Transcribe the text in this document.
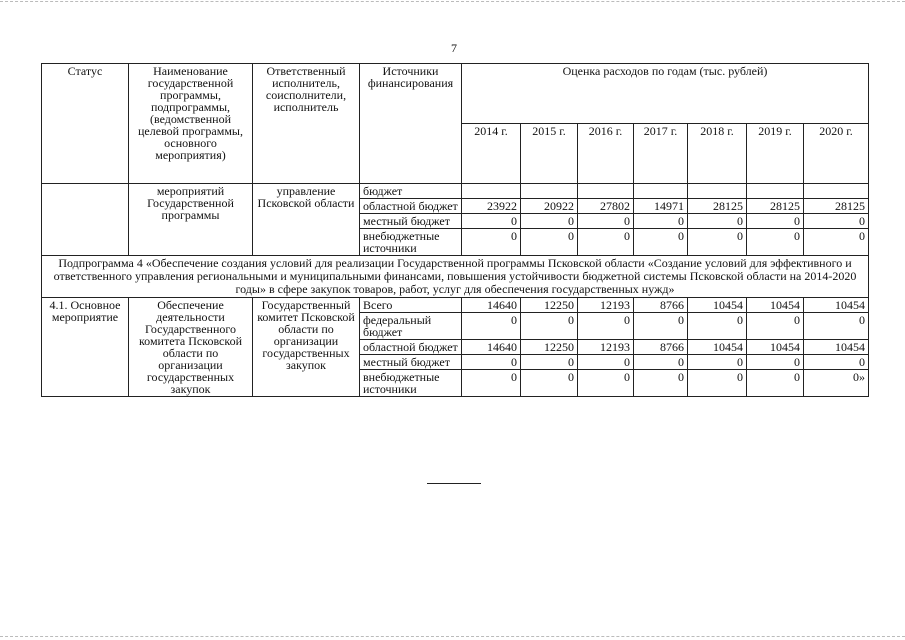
7
Статус	Наименование государственной программы, подпрограммы, (ведомственной целевой программы, основного мероприятия)	Ответственный исполнитель, соисполнители, исполнитель	Источники финансирования	Оценка расходов по годам (тыс. рублей)						
				2014 г.	2015 г.	2016 г.	2017 г.	2018 г.	2019 г.	2020 г.
	мероприятий Государственной программы	управление Псковской области	бюджет							
			областной бюджет	23922	20922	27802	14971	28125	28125	28125
			местный бюджет	0	0	0	0	0	0	0
			внебюджетные источники	0	0	0	0	0	0	0
Подпрограмма 4 «Обеспечение создания условий для реализации Государственной программы Псковской области «Создание условий для эффективного и ответственного управления региональными и муниципальными финансами, повышения устойчивости бюджетной системы Псковской области на 2014-2020 годы» в сфере закупок товаров, работ, услуг для обеспечения государственных нужд»										
4.1. Основное мероприятие	Обеспечение деятельности Государственного комитета Псковской области по организации государственных закупок	Государственный комитет Псковской области по организации государственных закупок	Всего	14640	12250	12193	8766	10454	10454	10454
			федеральный бюджет	0	0	0	0	0	0	0
			областной бюджет	14640	12250	12193	8766	10454	10454	10454
			местный бюджет	0	0	0	0	0	0	0
			внебюджетные источники	0	0	0	0	0	0	0»
